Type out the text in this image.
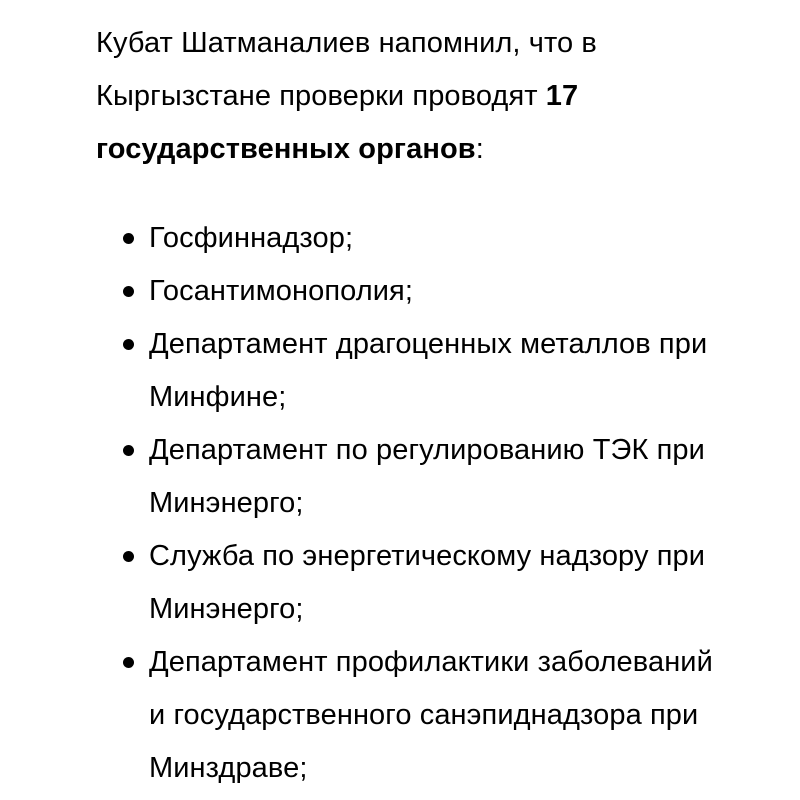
Кубат Шатманалиев напомнил, что в Кыргызстане проверки проводят 17 государственных органов:

Госфиннадзор;
Госантимонополия;
Департамент драгоценных металлов при Минфине;
Департамент по регулированию ТЭК при Минэнерго;
Служба по энергетическому надзору при Минэнерго;
Департамент профилактики заболеваний и государственного санэпиднадзора при Минздраве;
